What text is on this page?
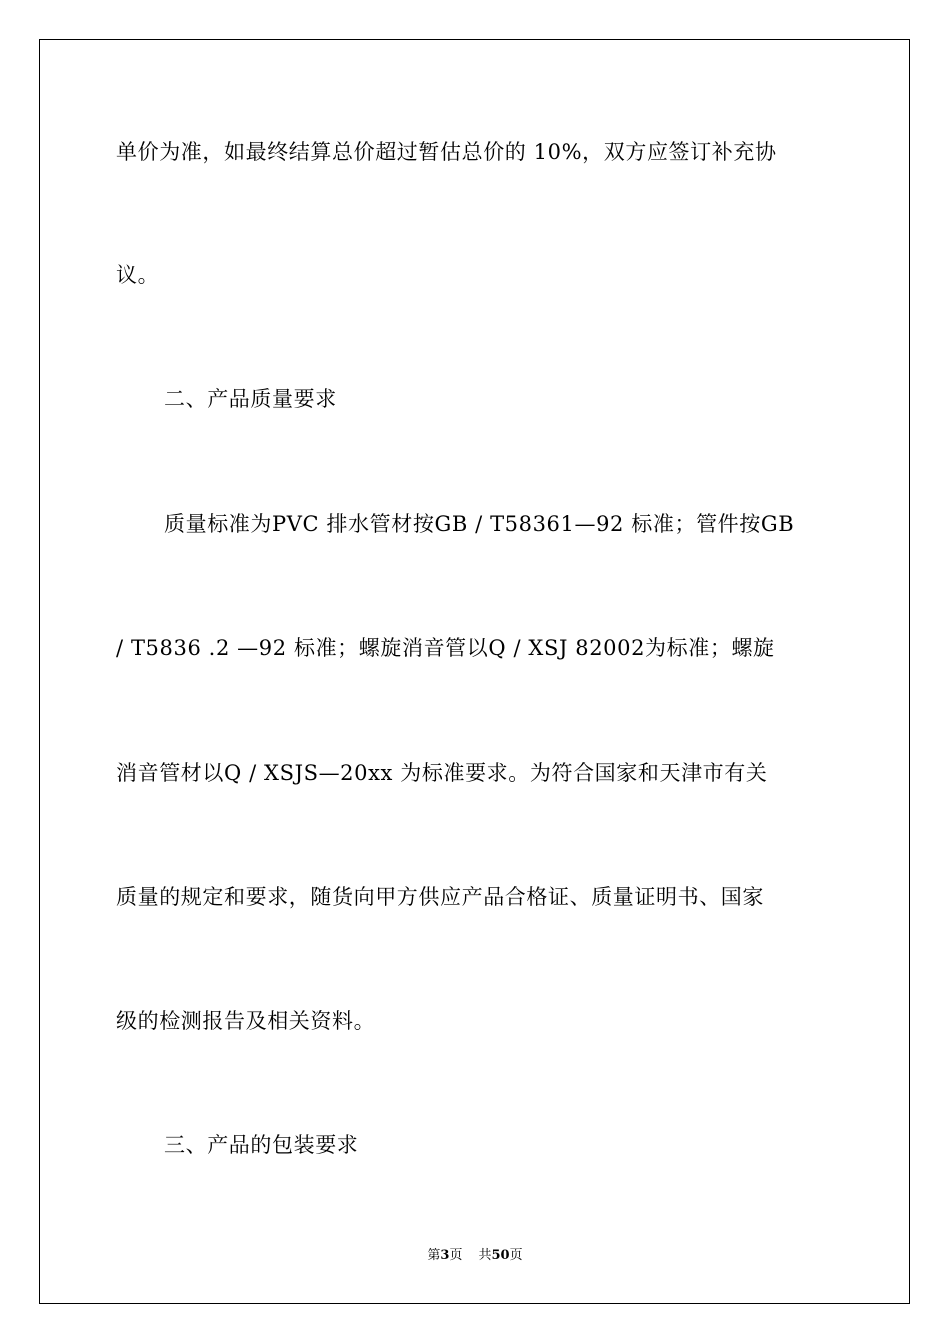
单价为准，如最终结算总价超过暂估总价的 10%，双方应签订补充协
议。
二、产品质量要求
质量标准为PVC 排水管材按GB / T58361—92 标准；管件按GB
/ T5836 .2 —92 标准；螺旋消音管以Q / XSJ 82002为标准；螺旋
消音管材以Q / XSJS—20xx 为标准要求。为符合国家和天津市有关
质量的规定和要求，随货向甲方供应产品合格证、质量证明书、国家
级的检测报告及相关资料。
三、产品的包装要求
第3页 共50页
